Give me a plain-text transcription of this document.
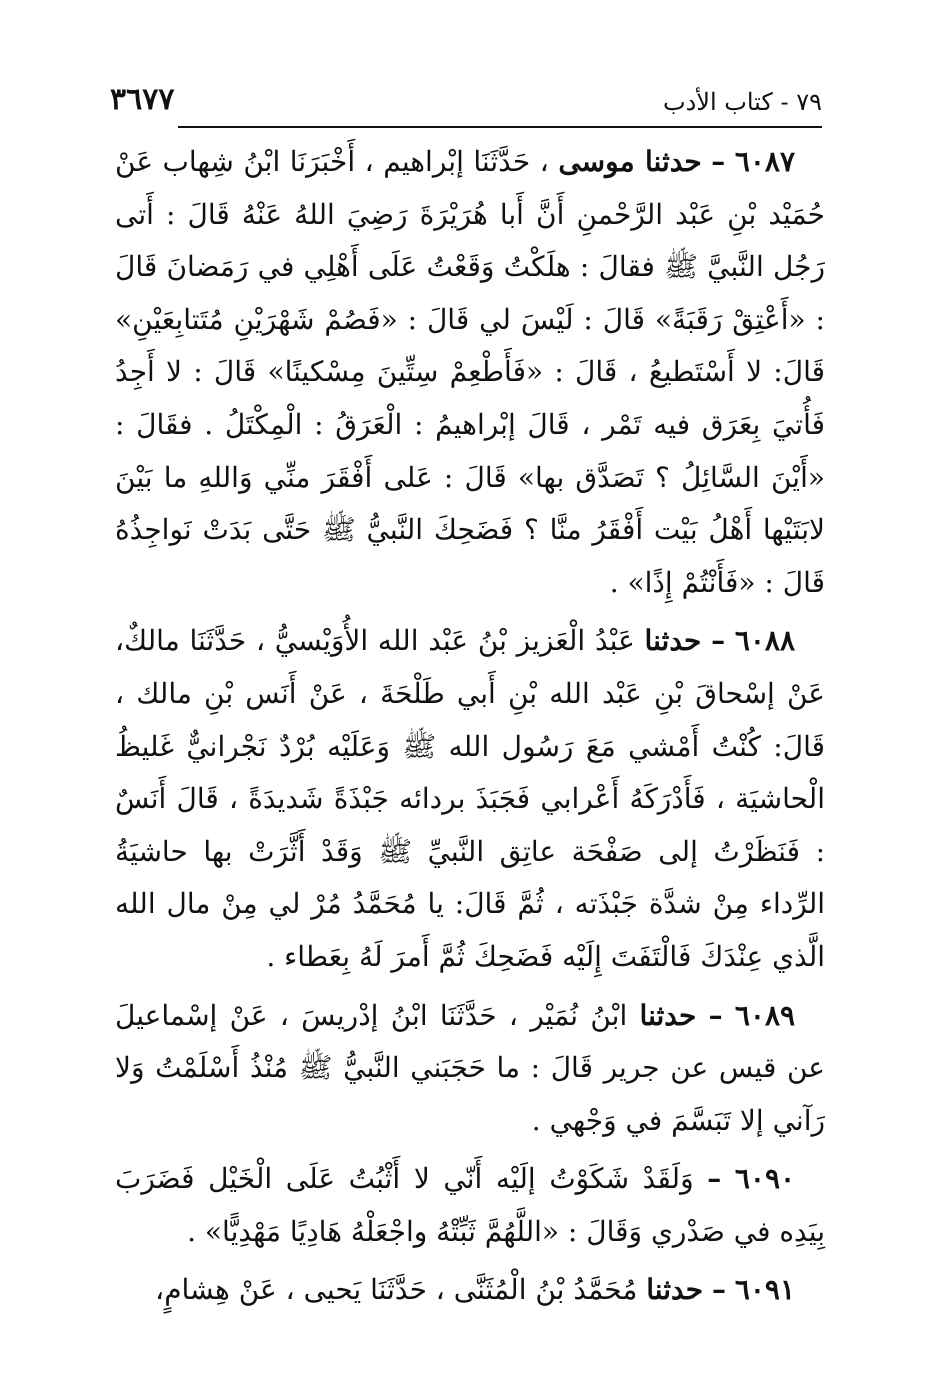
٣٦٧٧	٧٩ - كتاب الأدب

٦٠٨٧ – حدثنا موسى ، حَدَّثَنَا إبْراهيم ، أَخْبَرَنَا ابْنُ شِهاب عَنْ حُمَيْد بْنِ عَبْد الرَّحْمنِ أَنَّ أَبا هُرَيْرَةَ رَضِيَ اللهُ عَنْهُ قَالَ : أَتى رَجُل النَّبيَّ ﷺ فقالَ : هلَكْتُ وَقَعْتُ عَلَى أَهْلِي في رَمَضانَ قَالَ : «أَعْتِقْ رَقَبَةً» قَالَ : لَيْسَ لي قَالَ : «فَصُمْ شَهْرَيْنِ مُتَتابِعَيْنِ» قَالَ: لا أَسْتَطيعُ ، قَالَ : «فَأَطْعِمْ سِتِّينَ مِسْكينًا» قَالَ : لا أَجِدُ فَأُتيَ بِعَرَق فيه تَمْر ، قَالَ إبْراهيمُ : الْعَرَقُ : الْمِكْتَلُ . فقَالَ : «أَيْنَ السَّائِلُ ؟ تَصَدَّق بها» قَالَ : عَلى أَفْقَرَ منِّي وَاللهِ ما بَيْنَ لابَتَيْها أَهْلُ بَيْت أَفْقَرُ منَّا ؟ فَضَحِكَ النَّبيُّ ﷺ حَتَّى بَدَتْ نَواجِذُهُ قَالَ : «فَأَنْتُمْ إِذًا» .

٦٠٨٨ – حدثنا عَبْدُ الْعَزيز بْنُ عَبْد الله الأُوَيْسيُّ ، حَدَّثَنَا مالكٌ، عَنْ إسْحاقَ بْنِ عَبْد الله بْنِ أَبي طَلْحَةَ ، عَنْ أَنَس بْنِ مالك ، قَالَ: كُنْتُ أَمْشي مَعَ رَسُول الله ﷺ وَعَلَيْه بُرْدٌ نَجْرانيٌّ غَليظُ الْحاشيَة ، فَأَدْرَكَهُ أَعْرابي فَجَبَذَ بردائه جَبْذَةً شَديدَةً ، قَالَ أَنَسٌ : فَنَظَرْتُ إلى صَفْحَة عاتِق النَّبيِّ ﷺ وَقَدْ أَثَّرَتْ بها حاشيَةُ الرِّداء مِنْ شدَّة جَبْذَته ، ثُمَّ قَالَ: يا مُحَمَّدُ مُرْ لي مِنْ مال الله الَّذي عِنْدَكَ فَالْتَفَتَ إِلَيْه فَضَحِكَ ثُمَّ أَمرَ لَهُ بِعَطاء .

٦٠٨٩ – حدثنا ابْنُ نُمَيْر ، حَدَّثَنَا ابْنُ إدْريسَ ، عَنْ إسْماعيلَ عن قيس عن جرير قَالَ : ما حَجَبَني النَّبيُّ ﷺ مُنْذُ أَسْلَمْتُ وَلا رَآني إلا تَبَسَّمَ في وَجْهي .

٦٠٩٠ – وَلَقَدْ شَكَوْتُ إلَيْه أَنّي لا أَثْبُتُ عَلَى الْخَيْل فَضَرَبَ بِيَدِه في صَدْري وَقَالَ : «اللَّهُمَّ ثَبِّتْهُ واجْعَلْهُ هَادِيًا مَهْدِيًّا» .

٦٠٩١ – حدثنا مُحَمَّدُ بْنُ الْمُثَنَّى ، حَدَّثَنَا يَحيى ، عَنْ هِشامٍ،
